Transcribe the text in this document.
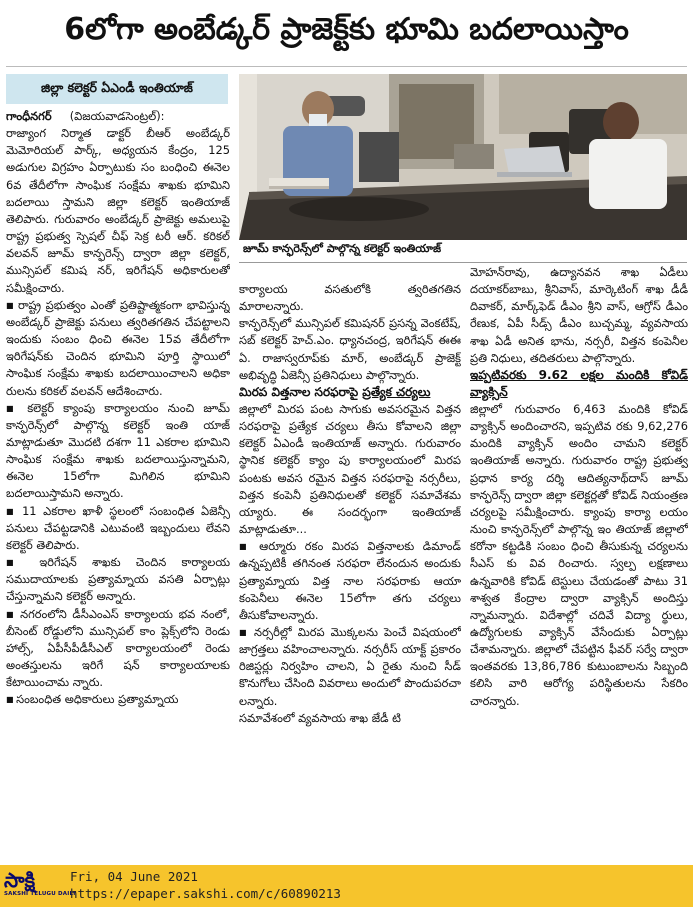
6లోగా అంబేడ్కర్‌ ప్రాజెక్ట్‌కు భూమి బదలాయిస్తాం
జిల్లా కలెక్టర్‌ ఏఎండీ ఇంతియాజ్‌

గాంధీనగర్‌ (విజయవాడసెంట్రల్‌):

రాజ్యాంగ నిర్మాత డాక్టర్‌ బీఆర్‌ అంబేడ్కర్‌ మెమోరియల్‌ పార్క్‌, అధ్యయన కేంద్రం, 125 అడుగుల విగ్రహం ఏర్పాటుకు సం బంధించి ఈనెల 6వ తేదీలోగా సాంఘిక సంక్షేమ శాఖకు భూమిని బదలాయి స్తామని జిల్లా కలెక్టర్‌ ఇంతియాజ్‌ తెలిపారు. గురువారం అంబేడ్కర్‌ ప్రాజెక్టు అమలుపై రాష్ట్ర ప్రభుత్వ స్పెషల్‌ చీఫ్‌ సెక్ర టరీ ఆర్‌. కరికల్‌ వలవన్‌ జూమ్‌ కాన్ఫరెన్స్‌ ద్వారా జిల్లా కలెక్టర్‌, మున్సిపల్‌ కమిష నర్‌, ఇరిగేషన్‌ అధికారులతో సమీక్షించారు.

■ రాష్ట్ర ప్రభుత్వం ఎంతో ప్రతిష్టాత్మకంగా భావిస్తున్న అంబేడ్కర్‌ ప్రాజెక్టు పనులు త్వరితగతిన చేపట్టాలని ఇందుకు సంబం ధించి ఈనెల 15వ తేదీలోగా ఇరిగేషన్‌కు చెందిన భూమిని పూర్తి స్థాయిలో సాంఘిక సంక్షేమ శాఖకు బదలాయించాలని అధికా రులను కరికల్‌ వలవన్‌ ఆదేశించారు.

■ కలెక్టర్‌ క్యాంపు కార్యాలయం నుంచి జూమ్‌ కాన్ఫరెన్స్‌లో పాల్గొన్న కలెక్టర్‌ ఇంతి యాజ్‌ మాట్లాడుతూ మొదటి దశగా 11 ఎకరాల భూమిని సాంఘిక సంక్షేమ శాఖకు బదలాయిస్తున్నామని, ఈనెల 15లోగా మిగిలిన భూమిని బదలాయిస్తామని అన్నారు.

■ 11 ఎకరాల ఖాళీ స్థలంలో సంబంధిత ఏజెన్సీ పనులు చేపట్టడానికి ఎటువంటి ఇబ్బందులు లేవని కలెక్టర్‌ తెలిపారు.

■ ఇరిగేషన్‌ శాఖకు చెందిన కార్యాలయ సముదాయాలకు ప్రత్యామ్నాయ వసతి ఏర్పాట్లు చేస్తున్నామని కలెక్టర్‌ అన్నారు.

■ నగరంలోని డీసీఎంఎస్‌ కార్యాలయ భవ నంలో, బీసెంట్‌ రోడ్డులోని మున్సిపల్‌ కాం ప్లెక్స్‌లోని రెండు హాల్స్‌, ఏపీసీపీడీసీఎల్‌ కార్యాలయంలో రెండు అంతస్తులను ఇరిగే షన్‌ కార్యాలయాలకు కేటాయించామ న్నారు.

■ సంబంధిత అధికారులు ప్రత్యామ్నాయ

జూమ్‌ కాన్ఫరెన్స్‌లో పాల్గొన్న కలెక్టర్‌ ఇంతియాజ్‌

కార్యాలయ వసతులోకి త్వరితగతిన మారాలన్నారు.

కాన్ఫరెన్స్‌లో మున్సిపల్‌ కమిషనర్‌ ప్రసన్న వెంకటేష్‌, సబ్‌ కలెక్టర్‌ హెచ్‌.ఎం. ధ్యానచంద్ర, ఇరిగేషన్‌ ఈఈ ఏ. రాజాస్వరూప్‌కు మార్‌, అంబేడ్కర్‌ ప్రాజెక్ట్‌ అభివృద్ధి ఏజెన్సీ ప్రతినిధులు పాల్గొన్నారు.

మిరప విత్తనాల సరఫరాపై ప్రత్యేక చర్యలు

జిల్లాలో మిరప పంట సాగుకు అవసరమైన విత్తన సరఫరాపై ప్రత్యేక చర్యలు తీసు కోవాలని జిల్లా కలెక్టర్‌ ఏఎండీ ఇంతియాజ్‌ అన్నారు. గురువారం స్థానిక కలెక్టర్‌ క్యాం పు కార్యాలయంలో మిరప పంటకు అవస రమైన విత్తన సరఫరాపై నర్సరీలు, విత్తన కంపెనీ ప్రతినిధులతో కలెక్టర్‌ సమావేశమ య్యారు. ఈ సందర్భంగా ఇంతియాజ్‌ మాట్లాడుతూ...

■ ఆర్మూరు రకం మిరప విత్తనాలకు డిమాండ్‌ ఉన్నప్పటికీ తగినంత సరఫరా లేనందున అందుకు ప్రత్యామ్నాయ విత్త నాల సరఫరాకు ఆయా కంపెనీలు ఈనెల 15లోగా తగు చర్యలు తీసుకోవాలన్నారు.

■ నర్సరీల్లో మిరప మొక్కలను పెంచే విషయంలో జాగ్రత్తలు వహించాలన్నారు. నర్సరీస్‌ యాక్ట్‌ ప్రకారం రిజిస్టర్లు నిర్వహిం చాలని, ఏ రైతు నుంచి సీడ్‌ కొనుగోలు చేసింది వివరాలు అందులో పొందుపరచా లన్నారు.

సమావేశంలో వ్యవసాయ శాఖ జేడీ టి

మోహన్‌రావు, ఉద్యానవన శాఖ ఏడీలు దయాకర్‌బాబు, శ్రీనివాస్‌, మార్కెటింగ్‌ శాఖ డీడీ దివాకర్‌, మార్క్‌ఫెడ్‌ డీఎం శ్రీని వాస్‌, ఆగ్రోస్‌ డీఎం రేణుక, ఏపీ సీడ్స్‌ డీఎం బుచ్చమ్మ, వ్యవసాయ శాఖ ఏడీ అనిత భాను, నర్సరీ, విత్తన కంపెనీల ప్రతి నిధులు, తదితరులు పాల్గొన్నారు.

ఇప్పటివరకు 9.62 లక్షల మందికి కోవిడ్‌ వ్యాక్సిన్‌

జిల్లాలో గురువారం 6,463 మందికి కోవిడ్‌ వ్యాక్సిన్‌ అందించారని, ఇప్పటివ రకు 9,62,276 మందికి వ్యాక్సిన్‌ అందిం చామని కలెక్టర్‌ ఇంతియాజ్‌ అన్నారు. గురువారం రాష్ట్ర ప్రభుత్వ ప్రధాన కార్య దర్శి ఆదిత్యనాథ్‌దాస్‌ జూమ్‌ కాన్ఫరెన్స్‌ ద్వారా జిల్లా కలెక్టర్లతో కోవిడ్‌ నియంత్రణ చర్యలపై సమీక్షించారు. క్యాంపు కార్యా లయం నుంచి కాన్ఫరెన్స్‌లో పాల్గొన్న ఇం తియాజ్‌ జిల్లాలో కరోనా కట్టడికి సంబం ధించి తీసుకున్న చర్యలను సీఎస్‌ కు వివ రించారు. స్వల్ప లక్షణాలు ఉన్నవారికి కోవిడ్‌ టెస్టులు చేయడంతో పాటు 31 శాశ్వత కేంద్రాల ద్వారా వ్యాక్సిన్‌ అందిస్తు న్నామన్నారు. విదేశాల్లో చదివే విద్యా ర్థులు, ఉద్యోగులకు వ్యాక్సిన్‌ వేసేందుకు ఏర్పాట్లు చేశామన్నారు. జిల్లాలో చేపట్టిన ఫీవర్‌ సర్వే ద్వారా ఇంతవరకు 13,86,786 కుటుంబాలను సిబ్బంది కలిసి వారి ఆరోగ్య పరిస్థితులను సేకరిం చారన్నారు.

సాక్షి
SAKSHI TELUGU DAILY
Fri, 04 June 2021
https://epaper.sakshi.com/c/60890213
